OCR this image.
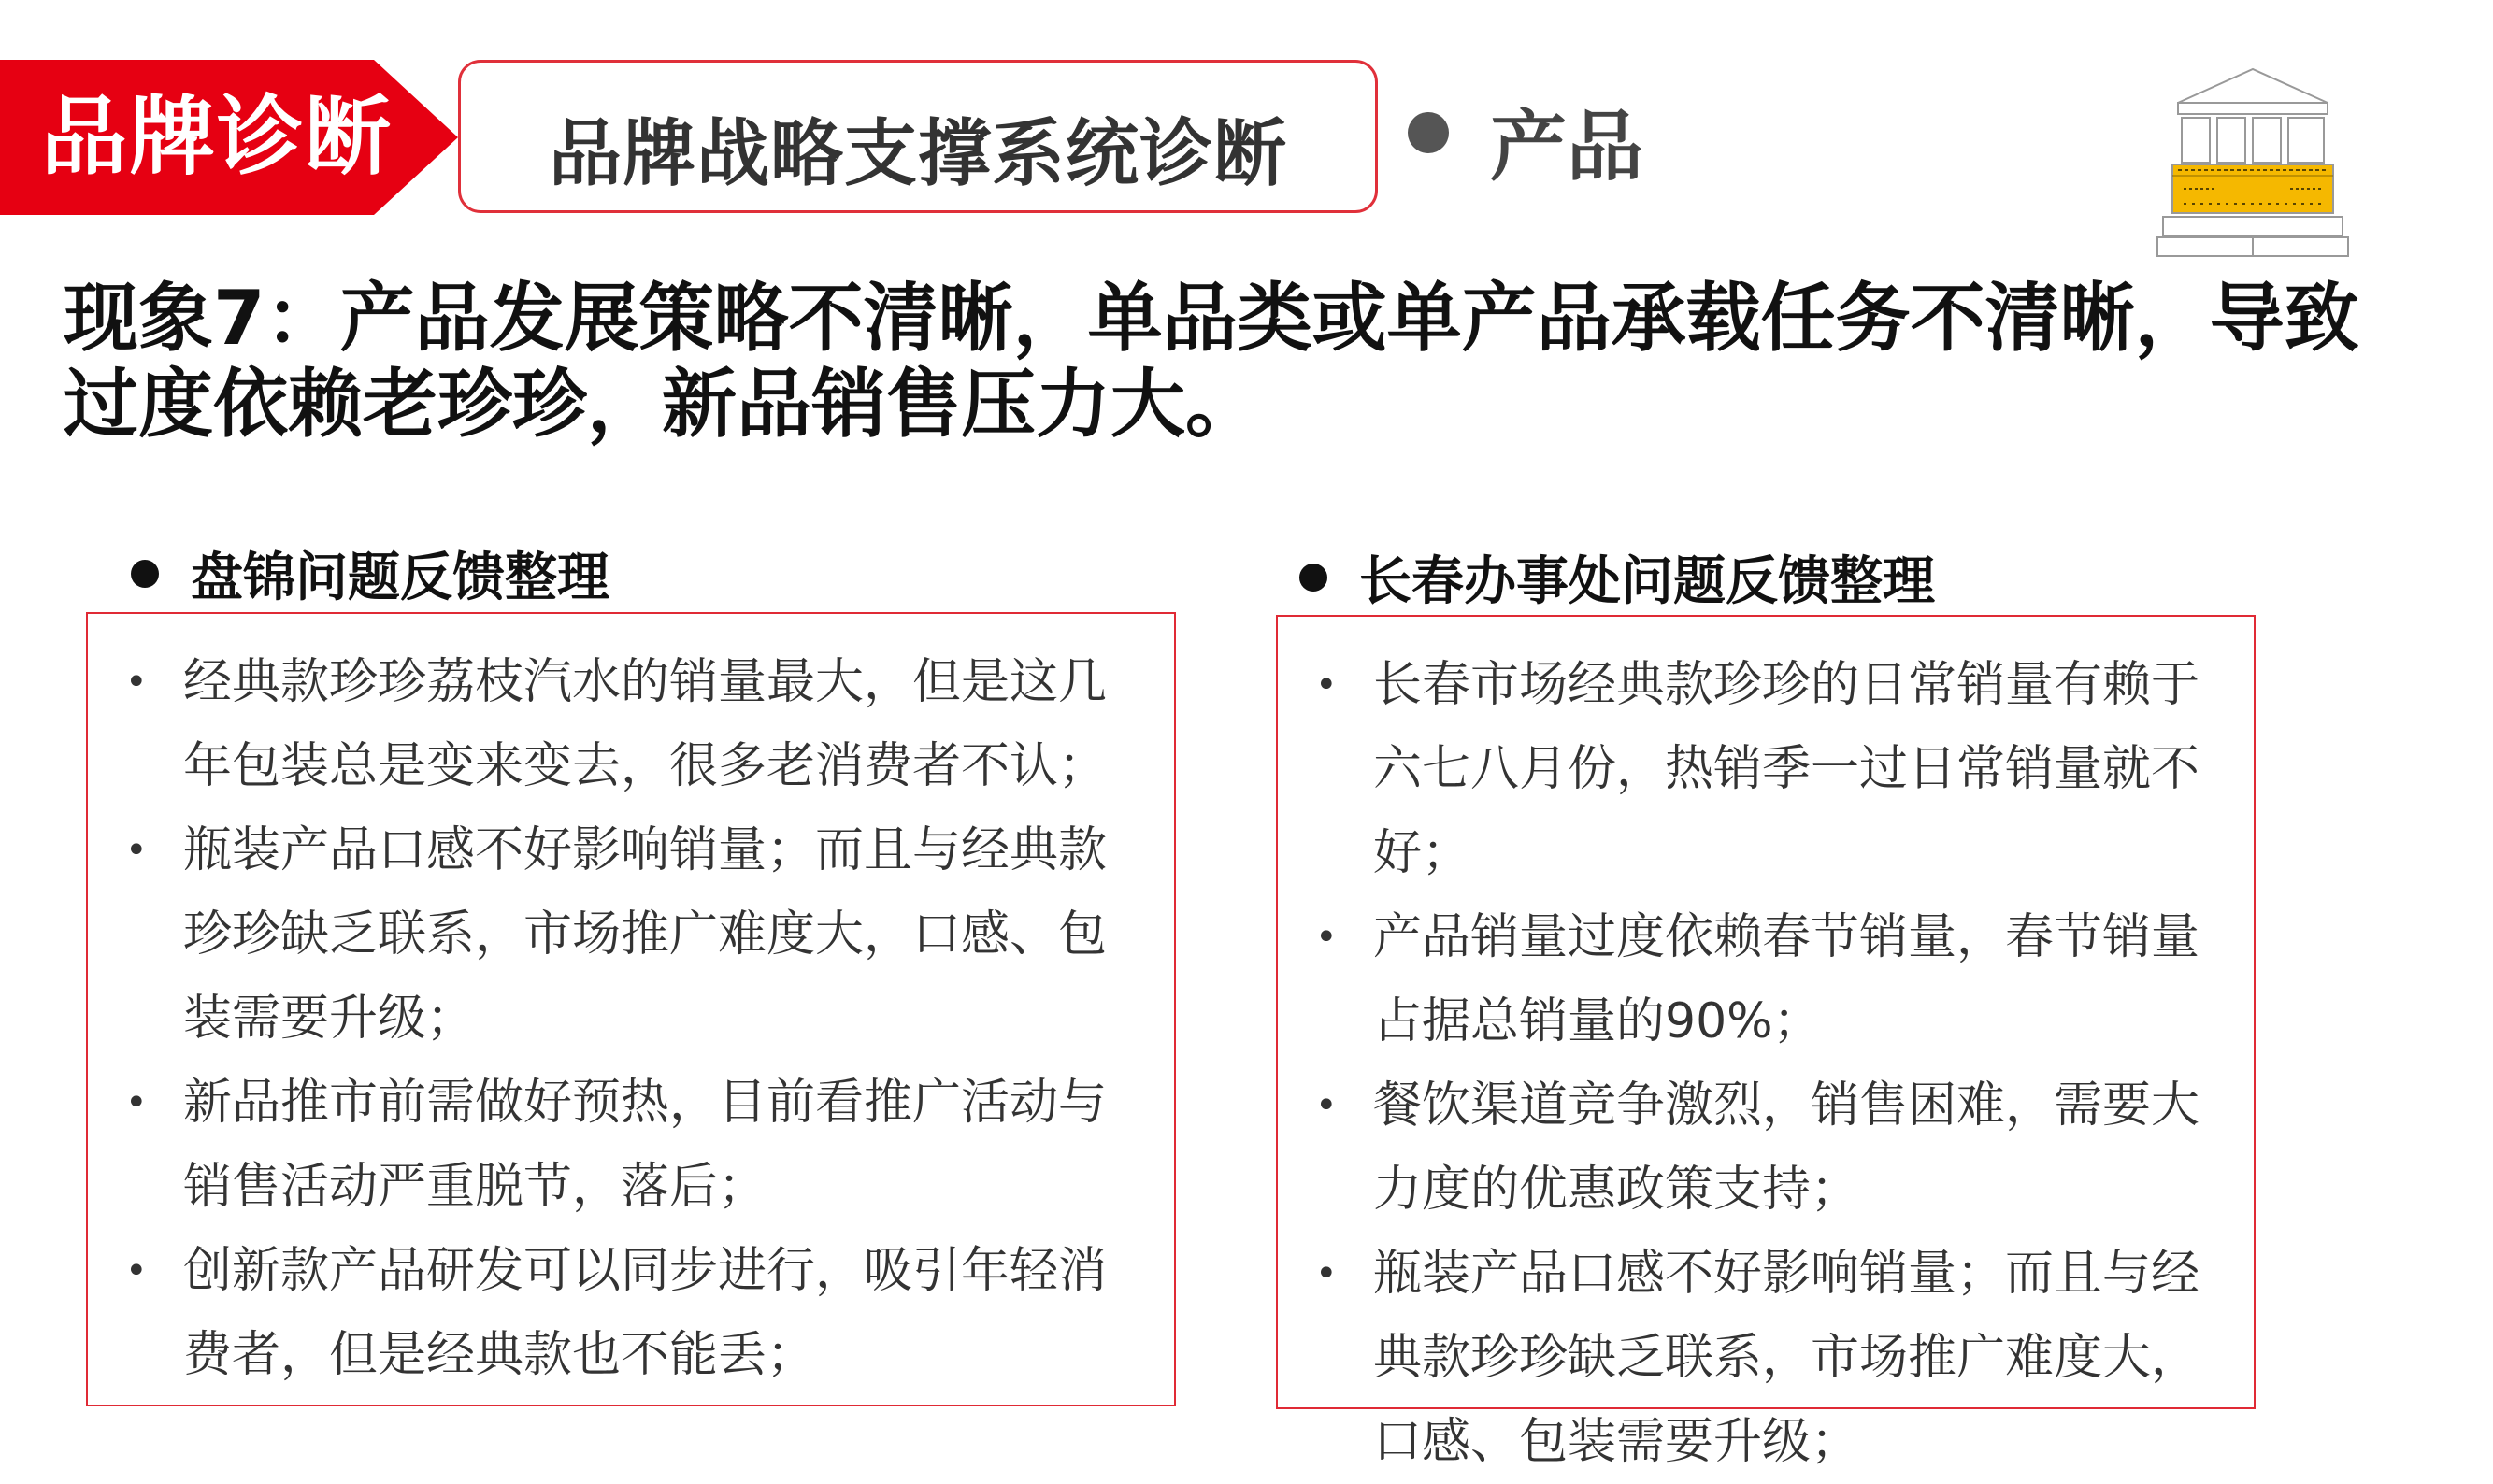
品牌诊断 品牌战略支撑系统诊断	产品
现象7：产品发展策略不清晰，单品类或单产品承载任务不清晰，导致过度依赖老珍珍，新品销售压力大。
盘锦问题反馈整理	长春办事处问题反馈整理
• 经典款珍珍荔枝汽水的销量最大，但是这几年包装总是变来变去，很多老消费者不认；
• 瓶装产品口感不好影响销量；而且与经典款珍珍缺乏联系，市场推广难度大，口感、包装需要升级；
• 新品推市前需做好预热，目前看推广活动与销售活动严重脱节，落后；
• 创新款产品研发可以同步进行，吸引年轻消费者，但是经典款也不能丢；
• 长春市场经典款珍珍的日常销量有赖于六七八月份，热销季一过日常销量就不好；
• 产品销量过度依赖春节销量，春节销量占据总销量的90%；
• 餐饮渠道竞争激烈，销售困难，需要大力度的优惠政策支持；
• 瓶装产品口感不好影响销量；而且与经典款珍珍缺乏联系，市场推广难度大，口感、包装需要升级；
